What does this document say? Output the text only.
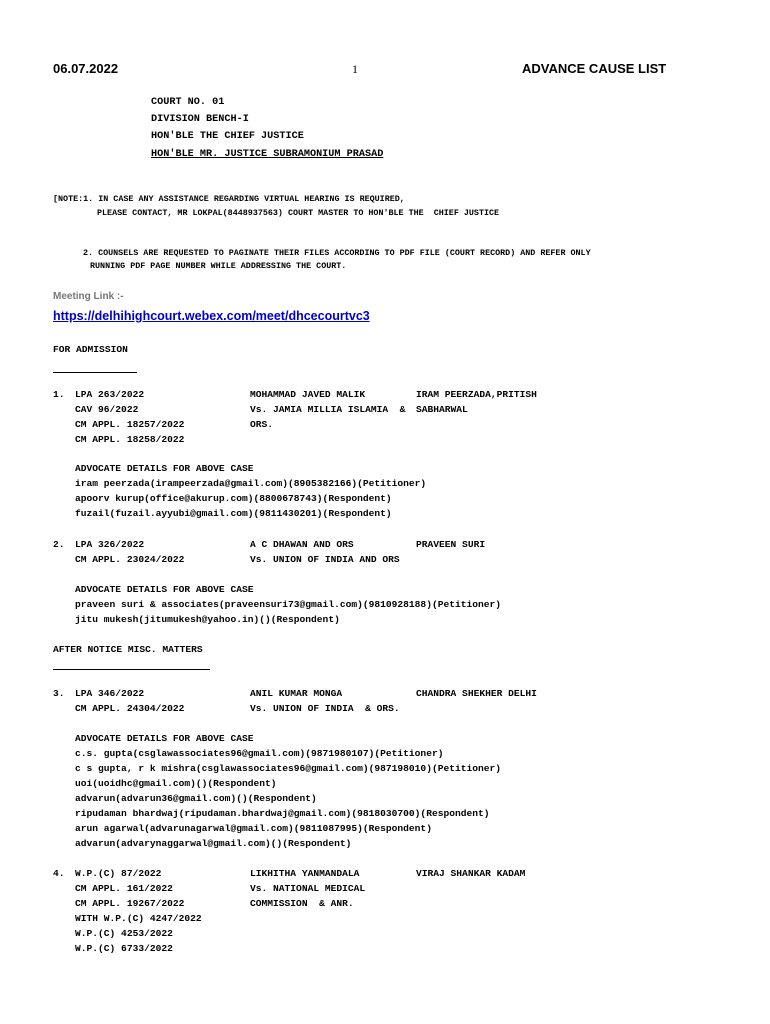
06.07.2022	1	ADVANCE CAUSE LIST
COURT NO. 01
DIVISION BENCH-I
HON'BLE THE CHIEF JUSTICE
HON'BLE MR. JUSTICE SUBRAMONIUM PRASAD
[NOTE:1. IN CASE ANY ASSISTANCE REGARDING VIRTUAL HEARING IS REQUIRED,
PLEASE CONTACT, MR LOKPAL(8448937563) COURT MASTER TO HON'BLE THE  CHIEF JUSTICE
2. COUNSELS ARE REQUESTED TO PAGINATE THEIR FILES ACCORDING TO PDF FILE (COURT RECORD) AND REFER ONLY
RUNNING PDF PAGE NUMBER WHILE ADDRESSING THE COURT.
Meeting Link :-
https://delhihighcourt.webex.com/meet/dhcecourtvc3
FOR ADMISSION
1. LPA 263/2022
CAV 96/2022
CM APPL. 18257/2022
CM APPL. 18258/2022
MOHAMMAD JAVED MALIK
Vs. JAMIA MILLIA ISLAMIA  &
ORS.
IRAM PEERZADA,PRITISH
SABHARWAL
ADVOCATE DETAILS FOR ABOVE CASE
iram peerzada(irampeerzada@gmail.com)(8905382166)(Petitioner)
apoorv kurup(office@akurup.com)(8800678743)(Respondent)
fuzail(fuzail.ayyubi@gmail.com)(9811430201)(Respondent)
2. LPA 326/2022
CM APPL. 23024/2022
A C DHAWAN AND ORS
Vs. UNION OF INDIA AND ORS
PRAVEEN SURI
ADVOCATE DETAILS FOR ABOVE CASE
praveen suri & associates(praveensuri73@gmail.com)(9810928188)(Petitioner)
jitu mukesh(jitumukesh@yahoo.in)()(Respondent)
AFTER NOTICE MISC. MATTERS
3. LPA 346/2022
CM APPL. 24304/2022
ANIL KUMAR MONGA
Vs. UNION OF INDIA  & ORS.
CHANDRA SHEKHER DELHI
ADVOCATE DETAILS FOR ABOVE CASE
c.s. gupta(csglawassociates96@gmail.com)(9871980107)(Petitioner)
c s gupta, r k mishra(csglawassociates96@gmail.com)(987198010)(Petitioner)
uoi(uoidhc@gmail.com)()(Respondent)
advarun(advarun36@gmail.com)()(Respondent)
ripudaman bhardwaj(ripudaman.bhardwaj@gmail.com)(9818030700)(Respondent)
arun agarwal(advarunagarwal@gmail.com)(9811087995)(Respondent)
advarun(advarynaggarwal@gmail.com)()(Respondent)
4. W.P.(C) 87/2022
CM APPL. 161/2022
CM APPL. 19267/2022
WITH W.P.(C) 4247/2022
W.P.(C) 4253/2022
W.P.(C) 6733/2022
LIKHITHA YANMANDALA
Vs. NATIONAL MEDICAL
COMMISSION  & ANR.
VIRAJ SHANKAR KADAM
